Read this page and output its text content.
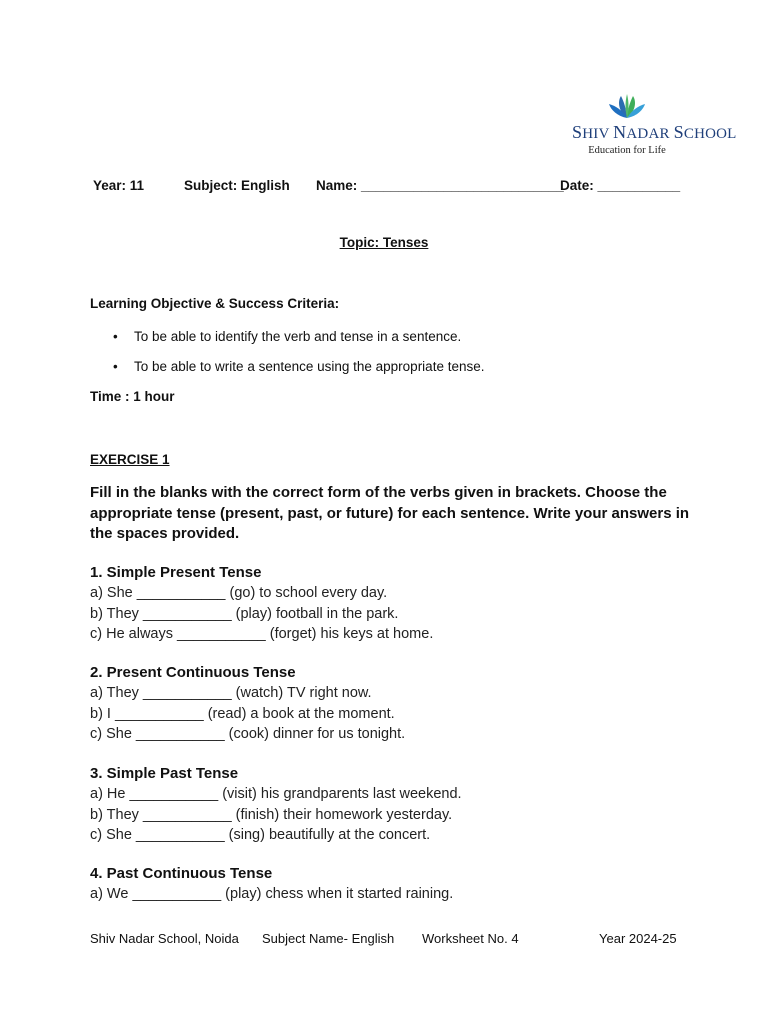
SHIV NADAR SCHOOL
Education for Life
Year: 11	Subject: English Name: ___________________________
Date: ___________
Topic: Tenses
Learning Objective & Success Criteria:
• To be able to identify the verb and tense in a sentence.
• To be able to write a sentence using the appropriate tense.
Time : 1 hour
EXERCISE 1
Fill in the blanks with the correct form of the verbs given in brackets. Choose the appropriate tense (present, past, or future) for each sentence. Write your answers in the spaces provided.
1. Simple Present Tense
a) She ___________ (go) to school every day.
b) They ___________ (play) football in the park.
c) He always ___________ (forget) his keys at home.
2. Present Continuous Tense
a) They ___________ (watch) TV right now.
b) I ___________ (read) a book at the moment.
c) She ___________ (cook) dinner for us tonight.
3. Simple Past Tense
a) He ___________ (visit) his grandparents last weekend.
b) They ___________ (finish) their homework yesterday.
c) She ___________ (sing) beautifully at the concert.
4. Past Continuous Tense
a) We ___________ (play) chess when it started raining.
Shiv Nadar School, Noida Subject Name- English Worksheet No. 4	Year 2024-25
